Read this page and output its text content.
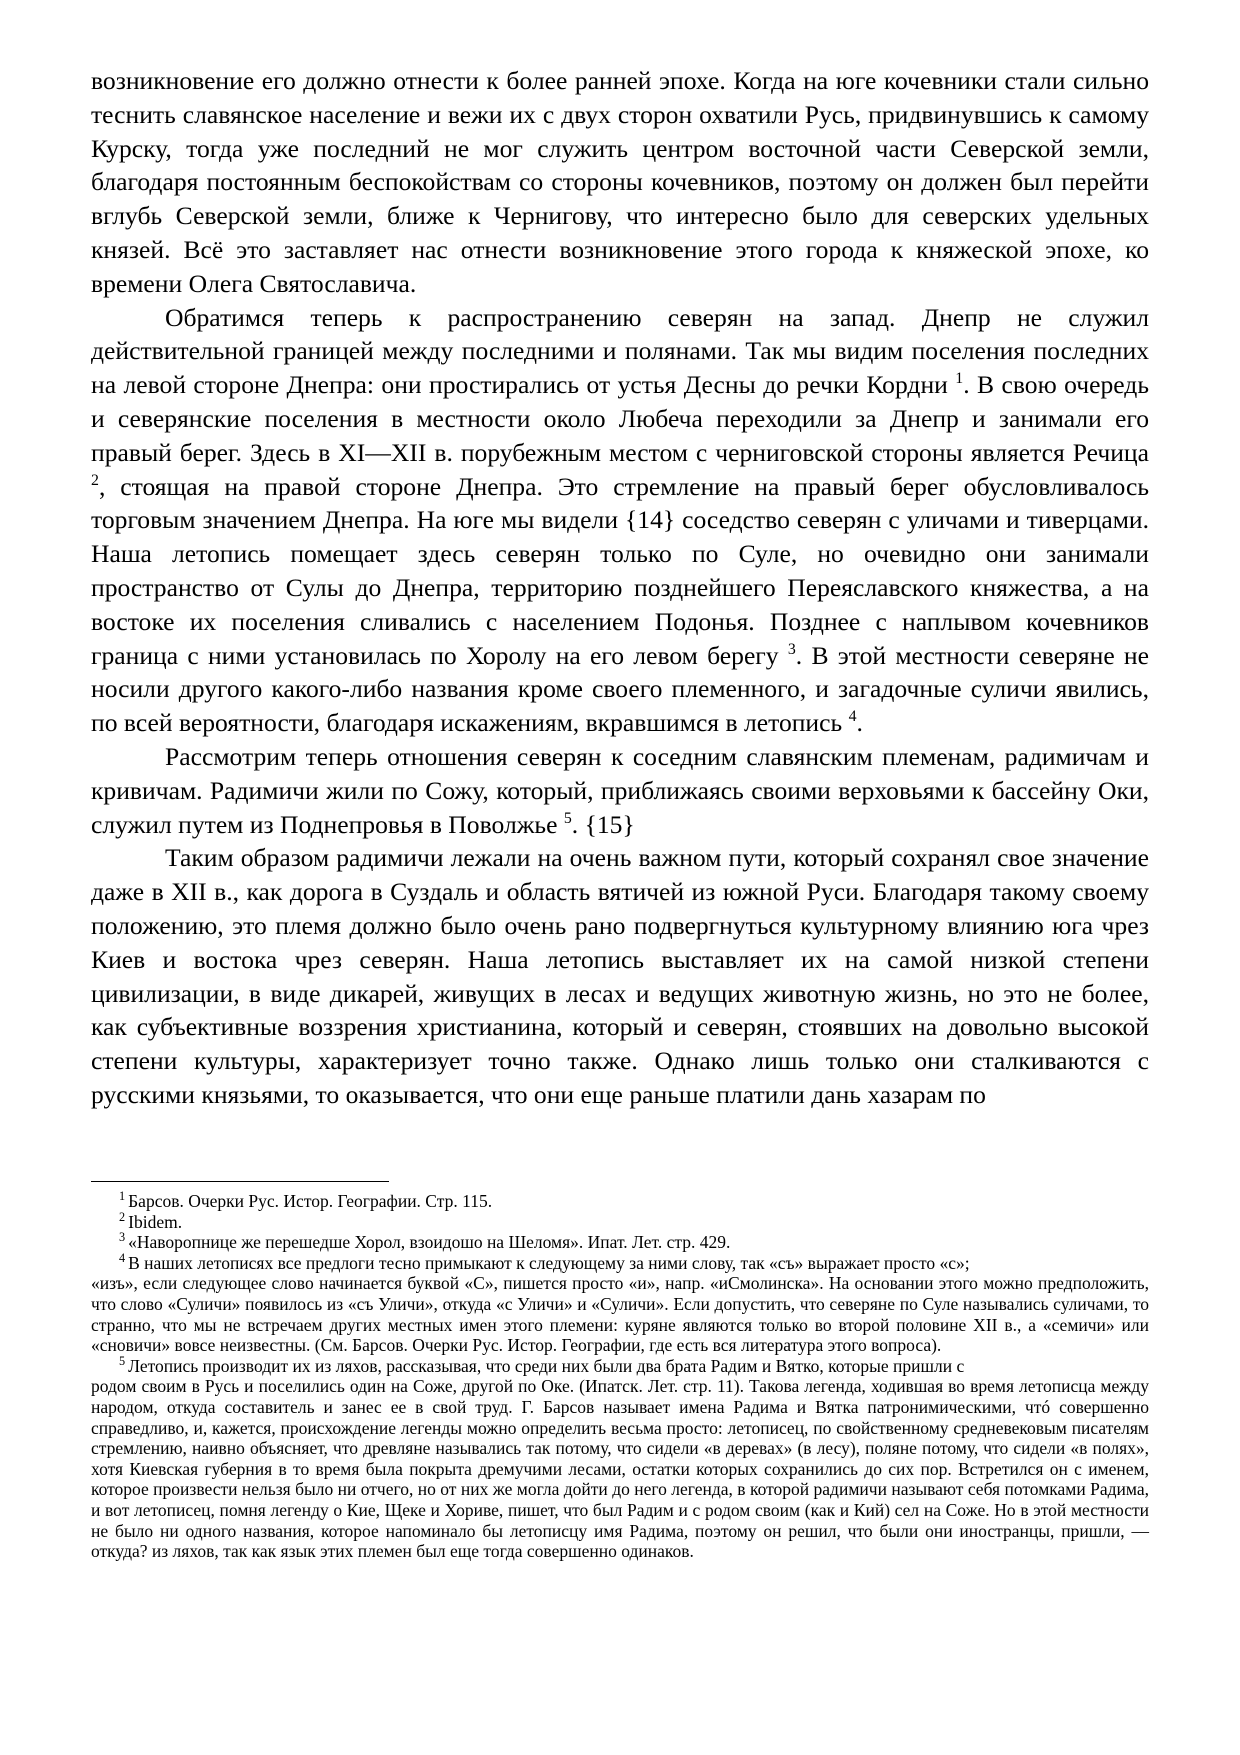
возникновение его должно отнести к более ранней эпохе. Когда на юге кочевники стали сильно теснить славянское население и вежи их с двух сторон охватили Русь, придвинувшись к самому Курску, тогда уже последний не мог служить центром восточной части Северской земли, благодаря постоянным беспокойствам со стороны кочевников, поэтому он должен был перейти вглубь Северской земли, ближе к Чернигову, что интересно было для северских удельных князей. Всё это заставляет нас отнести возникновение этого города к княжеской эпохе, ко времени Олега Святославича.

Обратимся теперь к распространению северян на запад. Днепр не служил действительной границей между последними и полянами. Так мы видим поселения последних на левой стороне Днепра: они простирались от устья Десны до речки Кордни $^1$. В свою очередь и северянские поселения в местности около Любеча переходили за Днепр и занимали его правый берег. Здесь в XI—XII в. порубежным местом с черниговской стороны является Речица $^2$, стоящая на правой стороне Днепра. Это стремление на правый берег обусловливалось торговым значением Днепра. На юге мы видели {14} соседство северян с уличами и тиверцами. Наша летопись помещает здесь северян только по Суле, но очевидно они занимали пространство от Сулы до Днепра, территорию позднейшего Переяславского княжества, а на востоке их поселения сливались с населением Подонья. Позднее с наплывом кочевников граница с ними установилась по Хоролу на его левом берегу $^3$. В этой местности северяне не носили другого какого-либо названия кроме своего племенного, и загадочные суличи явились, по всей вероятности, благодаря искажениям, вкравшимся в летопись $^4$.

Рассмотрим теперь отношения северян к соседним славянским племенам, радимичам и кривичам. Радимичи жили по Сожу, который, приближаясь своими верховьями к бассейну Оки, служил путем из Поднепровья в Поволжье $^5$. {15}

Таким образом радимичи лежали на очень важном пути, который сохранял свое значение даже в XII в., как дорога в Суздаль и область вятичей из южной Руси. Благодаря такому своему положению, это племя должно было очень рано подвергнуться культурному влиянию юга чрез Киев и востока чрез северян. Наша летопись выставляет их на самой низкой степени цивилизации, в виде дикарей, живущих в лесах и ведущих животную жизнь, но это не более, как субъективные воззрения христианина, который и северян, стоявших на довольно высокой степени культуры, характеризует точно также. Однако лишь только они сталкиваются с русскими князьями, то оказывается, что они еще раньше платили дань хазарам по

$^1$ Барсов. Очерки Рус. Истор. Географии. Стр. 115.
$^2$ Ibidem.
$^3$ «Наворопнице же перешедше Хорол, взоидошо на Шеломя». Ипат. Лет. стр. 429.
$^4$ В наших летописях все предлоги тесно примыкают к следующему за ними слову, так «съ» выражает просто «с»;
«изъ», если следующее слово начинается буквой «С», пишется просто «и», напр. «иСмолинска». На основании этого можно предположить, что слово «Суличи» появилось из «съ Уличи», откуда «с Уличи» и «Суличи». Если допустить, что северяне по Суле назывались суличами, то странно, что мы не встречаем других местных имен этого племени: куряне являются только во второй половине XII в., а «семичи» или «сновичи» вовсе неизвестны. (См. Барсов. Очерки Рус. Истор. Географии, где есть вся литература этого вопроса).
$^5$ Летопись производит их из ляхов, рассказывая, что среди них были два брата Радим и Вятко, которые пришли с
родом своим в Русь и поселились один на Соже, другой по Оке. (Ипатск. Лет. стр. 11). Такова легенда, ходившая во время летописца между народом, откуда составитель и занес ее в свой труд. Г. Барсов называет имена Радима и Вятка патронимическими, чтó совершенно справедливо, и, кажется, происхождение легенды можно определить весьма просто: летописец, по свойственному средневековым писателям стремлению, наивно объясняет, что древляне назывались так потому, что сидели «в деревах» (в лесу), поляне потому, что сидели «в полях», хотя Киевская губерния в то время была покрыта дремучими лесами, остатки которых сохранились до сих пор. Встретился он с именем, которое произвести нельзя было ни отчего, но от них же могла дойти до него легенда, в которой радимичи называют себя потомками Радима, и вот летописец, помня легенду о Кие, Щеке и Хориве, пишет, что был Радим и с родом своим (как и Кий) сел на Соже. Но в этой местности не было ни одного названия, которое напоминало бы летописцу имя Радима, поэтому он решил, что были они иностранцы, пришли, — откуда? из ляхов, так как язык этих племен был еще тогда совершенно одинаков.
